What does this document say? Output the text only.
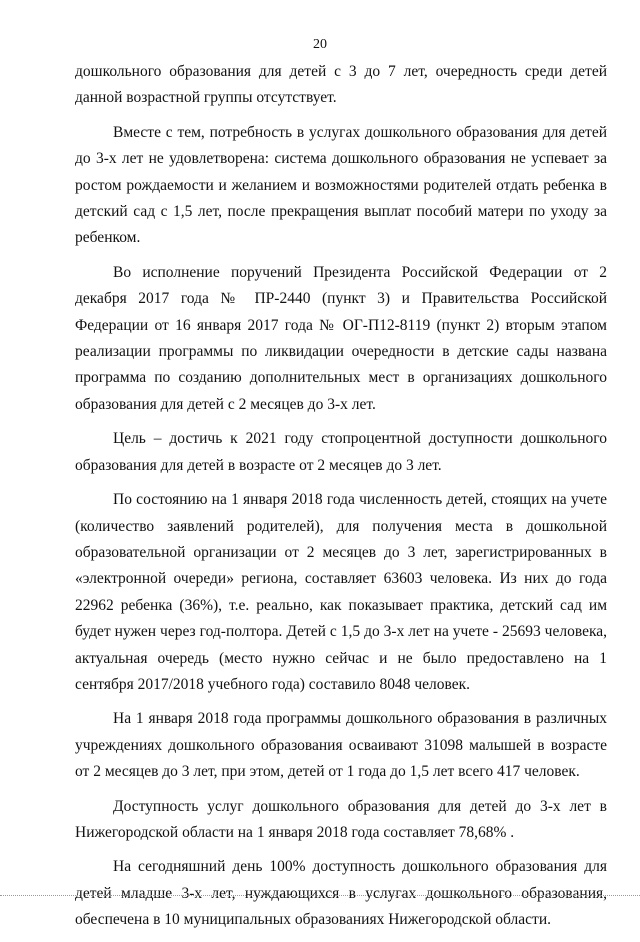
20

дошкольного образования для детей с 3 до 7 лет, очередность среди детей данной возрастной группы отсутствует.

Вместе с тем, потребность в услугах дошкольного образования для детей до 3-х лет не удовлетворена: система дошкольного образования не успевает за ростом рождаемости и желанием и возможностями родителей отдать ребенка в детский сад с 1,5 лет, после прекращения выплат пособий матери по уходу за ребенком.

Во исполнение поручений Президента Российской Федерации от 2 декабря 2017 года № ПР-2440 (пункт 3) и Правительства Российской Федерации от 16 января 2017 года № ОГ-П12-8119 (пункт 2) вторым этапом реализации программы по ликвидации очередности в детские сады названа программа по созданию дополнительных мест в организациях дошкольного образования для детей с 2 месяцев до 3-х лет.

Цель – достичь к 2021 году стопроцентной доступности дошкольного образования для детей в возрасте от 2 месяцев до 3 лет.

По состоянию на 1 января 2018 года численность детей, стоящих на учете (количество заявлений родителей), для получения места в дошкольной образовательной организации от 2 месяцев до 3 лет, зарегистрированных в «электронной очереди» региона, составляет 63603 человека. Из них до года 22962 ребенка (36%), т.е. реально, как показывает практика, детский сад им будет нужен через год-полтора. Детей с 1,5 до 3-х лет на учете - 25693 человека, актуальная очередь (место нужно сейчас и не было предоставлено на 1 сентября 2017/2018 учебного года) составило 8048 человек.

На 1 января 2018 года программы дошкольного образования в различных учреждениях дошкольного образования осваивают 31098 малышей в возрасте от 2 месяцев до 3 лет, при этом, детей от 1 года до 1,5 лет всего 417 человек.

Доступность услуг дошкольного образования для детей до 3-х лет в Нижегородской области на 1 января 2018 года составляет 78,68% .

На сегодняшний день 100% доступность дошкольного образования для детей младше 3-х лет, нуждающихся в услугах дошкольного образования, обеспечена в 10 муниципальных образованиях Нижегородской области.
